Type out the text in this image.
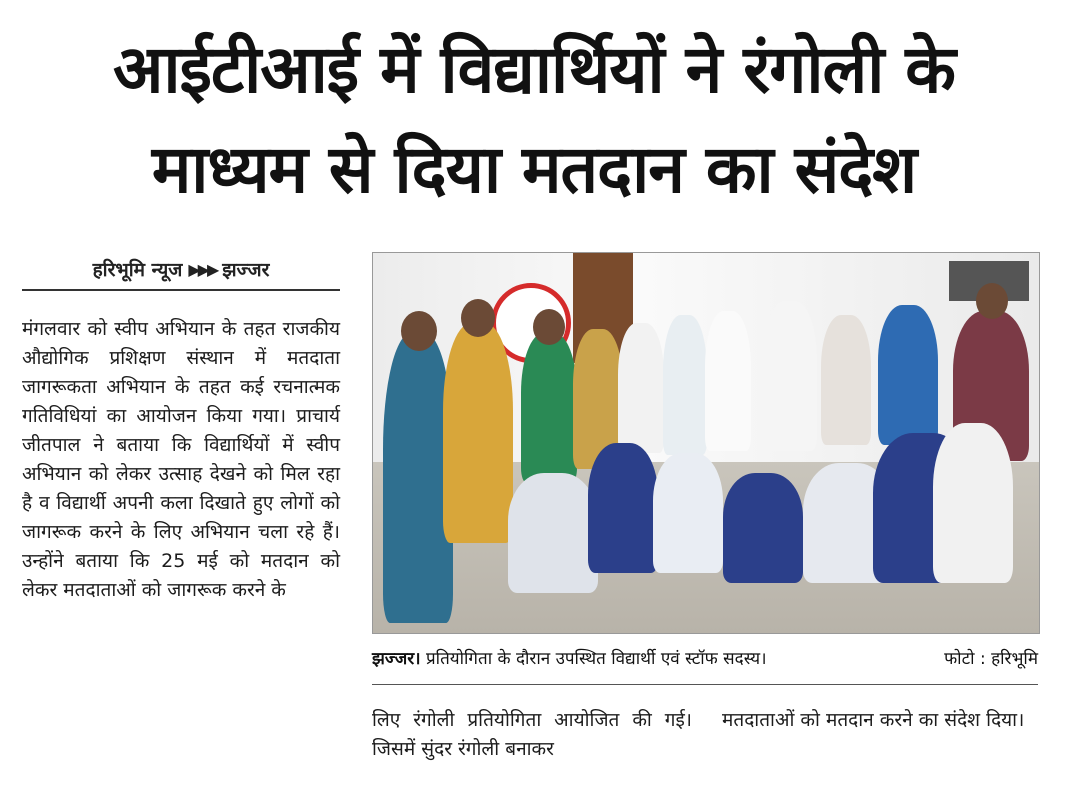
आईटीआई में विद्यार्थियों ने रंगोली के
माध्यम से दिया मतदान का संदेश
हरिभूमि न्यूज ▶▶▶ झज्जर

मंगलवार को स्वीप अभियान के तहत राजकीय औद्योगिक प्रशिक्षण संस्थान में मतदाता जागरूकता अभियान के तहत कई रचनात्मक गतिविधियां का आयोजन किया गया। प्राचार्य जीतपाल ने बताया कि विद्यार्थियों में स्वीप अभियान को लेकर उत्साह देखने को मिल रहा है व विद्यार्थी अपनी कला दिखाते हुए लोगों को जागरूक करने के लिए अभियान चला रहे हैं। उन्होंने बताया कि 25 मई को मतदान को लेकर मतदाताओं को जागरूक करने के

झज्जर। प्रतियोगिता के दौरान उपस्थित विद्यार्थी एवं स्टॉफ सदस्य।	फोटो : हरिभूमि

लिए रंगोली प्रतियोगिता आयोजित की गई। जिसमें सुंदर रंगोली बनाकर

मतदाताओं को मतदान करने का संदेश दिया।
